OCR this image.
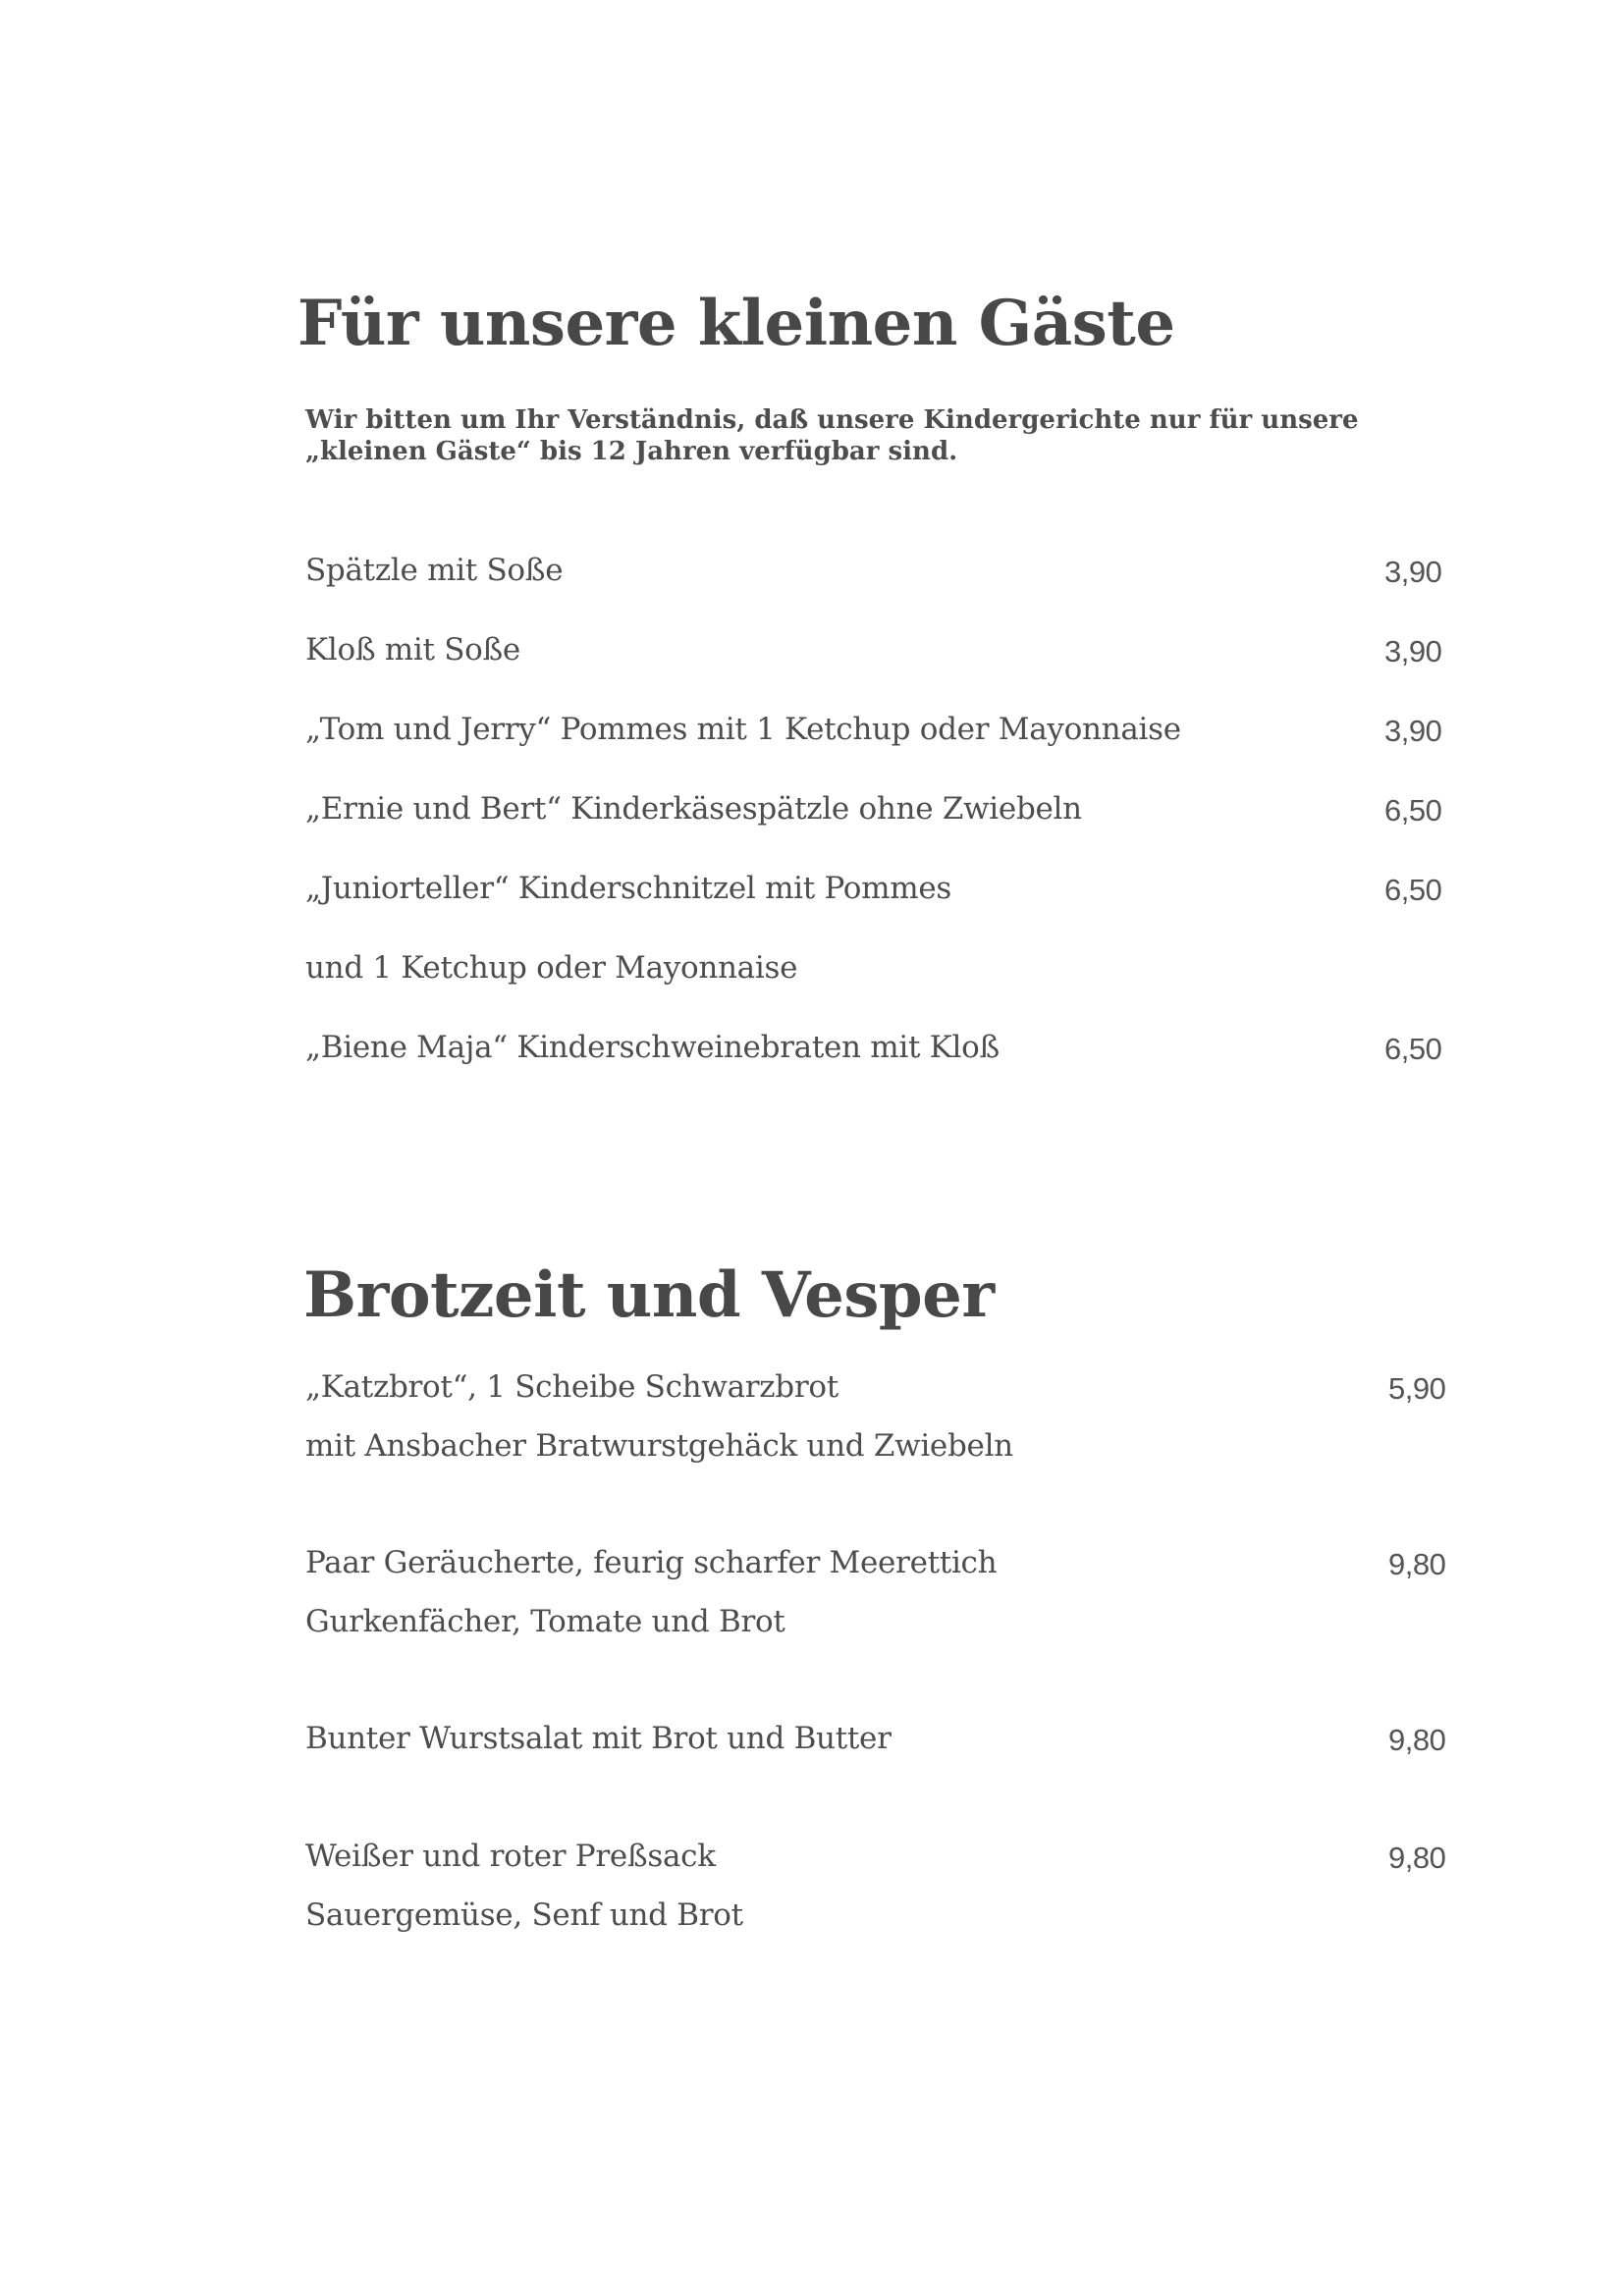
Für unsere kleinen Gäste
Wir bitten um Ihr Verständnis, daß unsere Kindergerichte nur für unsere
„kleinen Gäste“ bis 12 Jahren verfügbar sind.
Spätzle mit Soße	3,90
Kloß mit Soße	3,90
„Tom und Jerry“ Pommes mit 1 Ketchup oder Mayonnaise	3,90
„Ernie und Bert“ Kinderkäsespätzle ohne Zwiebeln	6,50
„Juniorteller“ Kinderschnitzel mit Pommes	6,50
und 1 Ketchup oder Mayonnaise
„Biene Maja“ Kinderschweinebraten mit Kloß	6,50
Brotzeit und Vesper
„Katzbrot“, 1 Scheibe Schwarzbrot	5,90
mit Ansbacher Bratwurstgehäck und Zwiebeln
Paar Geräucherte, feurig scharfer Meerettich	9,80
Gurkenfächer, Tomate und Brot
Bunter Wurstsalat mit Brot und Butter	9,80
Weißer und roter Preßsack	9,80
Sauergemüse, Senf und Brot
